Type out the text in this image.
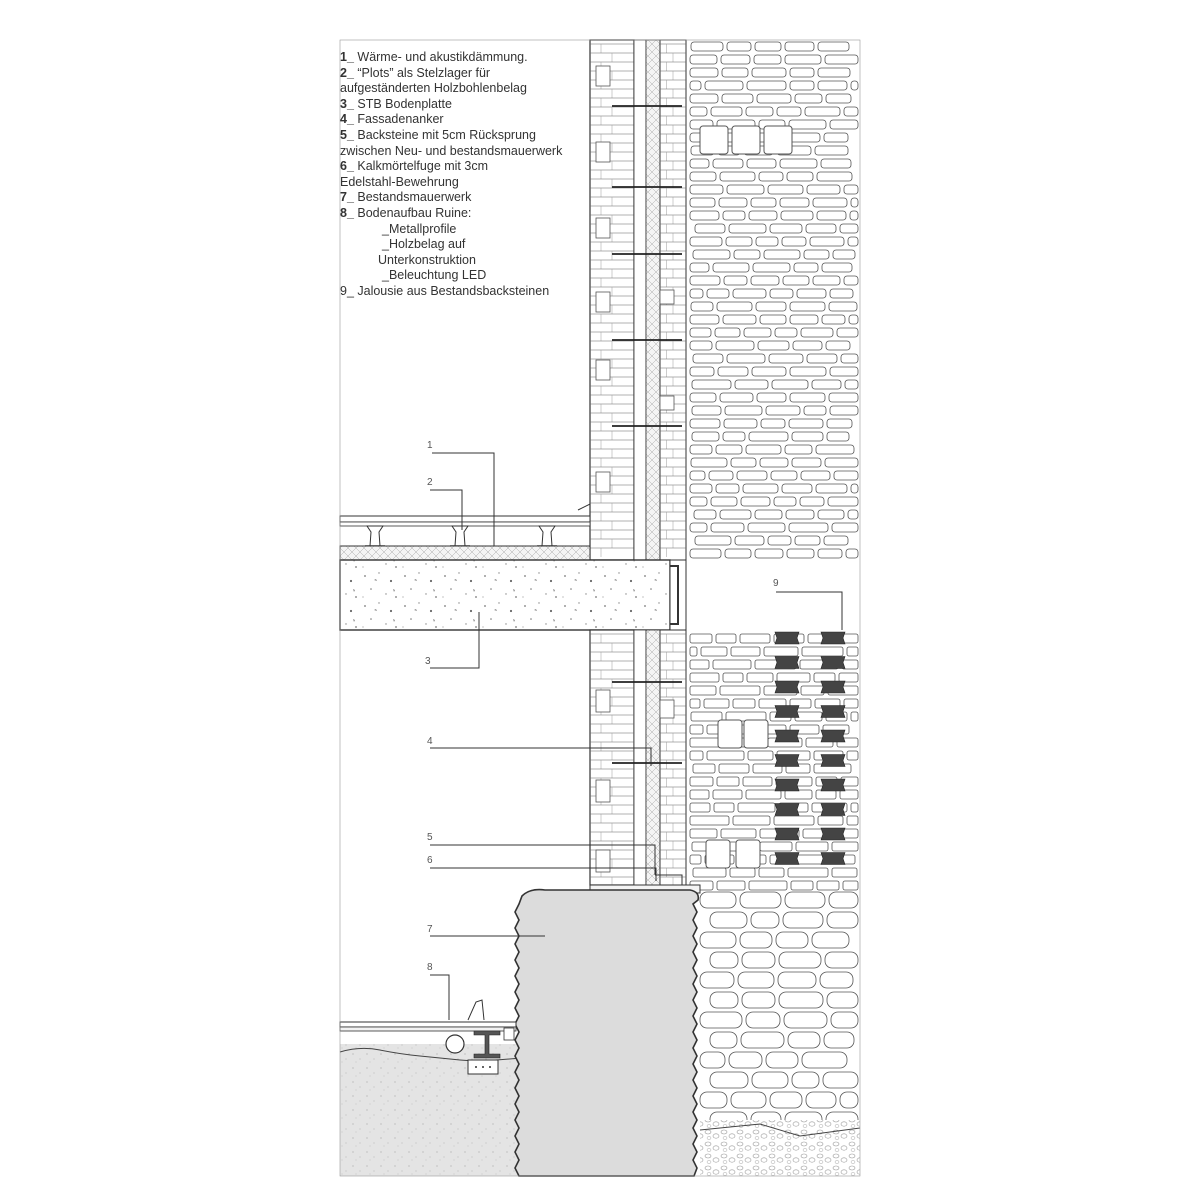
1
2
3
4
5
6
7
8
9
1_ Wärme- und akustikdämmung.
2_ “Plots” als Stelzlager für
aufgeständerten Holzbohlenbelag
3_ STB Bodenplatte
4_ Fassadenanker
5_ Backsteine mit 5cm Rücksprung
zwischen Neu- und bestandsmauerwerk
6_ Kalkmörtelfuge mit 3cm
Edelstahl-Bewehrung
7_ Bestandsmauerwerk
8_ Bodenaufbau Ruine:
_Metallprofile
_Holzbelag auf
Unterkonstruktion
_Beleuchtung LED
9_ Jalousie aus Bestandsbacksteinen
